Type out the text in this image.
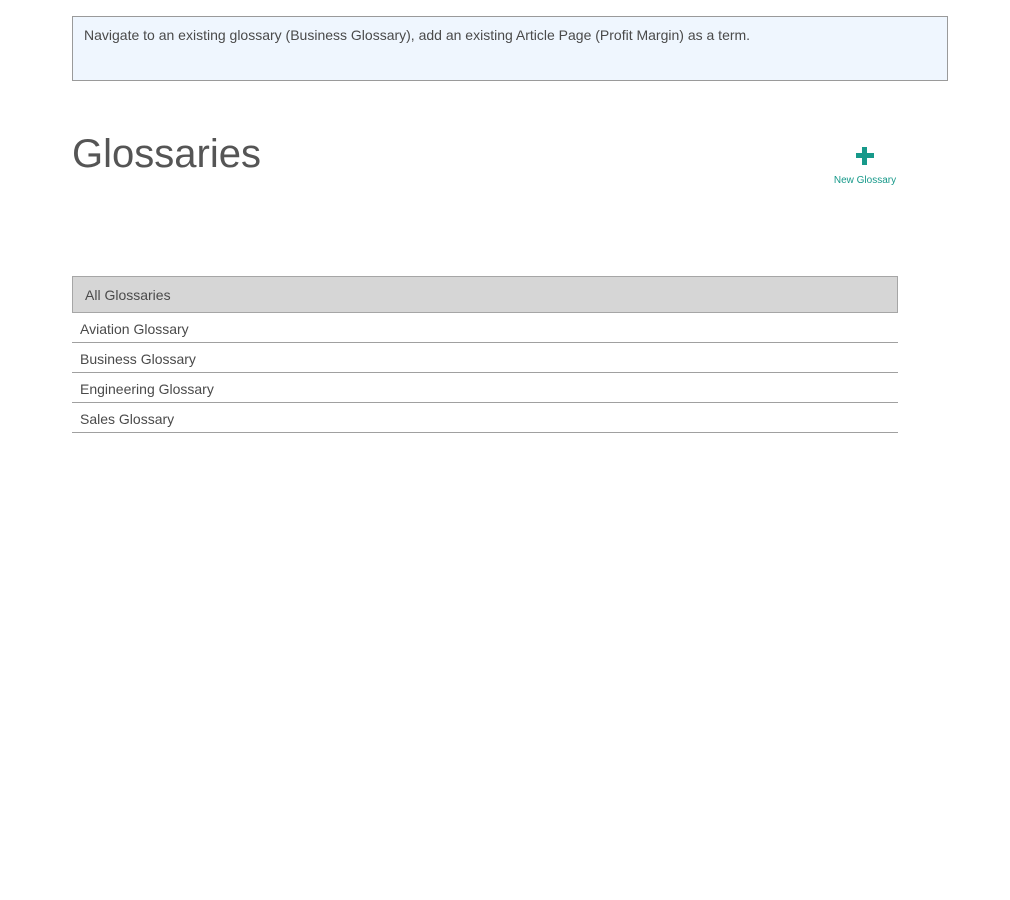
Navigate to an existing glossary (Business Glossary), add an existing Article Page (Profit Margin) as a term.
Glossaries
New Glossary
All Glossaries
Aviation Glossary
Business Glossary
Engineering Glossary
Sales Glossary
